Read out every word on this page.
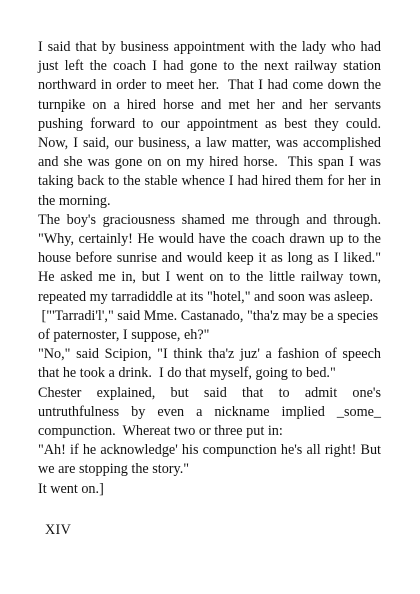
I said that by business appointment with the lady who had just left the coach I had gone to the next railway station northward in order to meet her.  That I had come down the turnpike on a hired horse and met her and her servants pushing forward to our appointment as best they could. Now, I said, our business, a law matter, was accomplished and she was gone on on my hired horse.  This span I was taking back to the stable whence I had hired them for her in the morning.

The boy's graciousness shamed me through and through.  "Why, certainly! He would have the coach drawn up to the house before sunrise and would keep it as long as I liked."  He asked me in, but I went on to the little railway town, repeated my tarradiddle at its "hotel," and soon was asleep.

["'Tarradi'l'," said Mme. Castanado, "tha'z may be a species of paternoster, I suppose, eh?"

"No," said Scipion, "I think tha'z juz' a fashion of speech that he took a drink.  I do that myself, going to bed."

Chester explained, but said that to admit one's untruthfulness by even a nickname implied _some_ compunction.  Whereat two or three put in:

"Ah! if he acknowledge' his compunction he's all right! But we are stopping the story."

It went on.]

XIV
